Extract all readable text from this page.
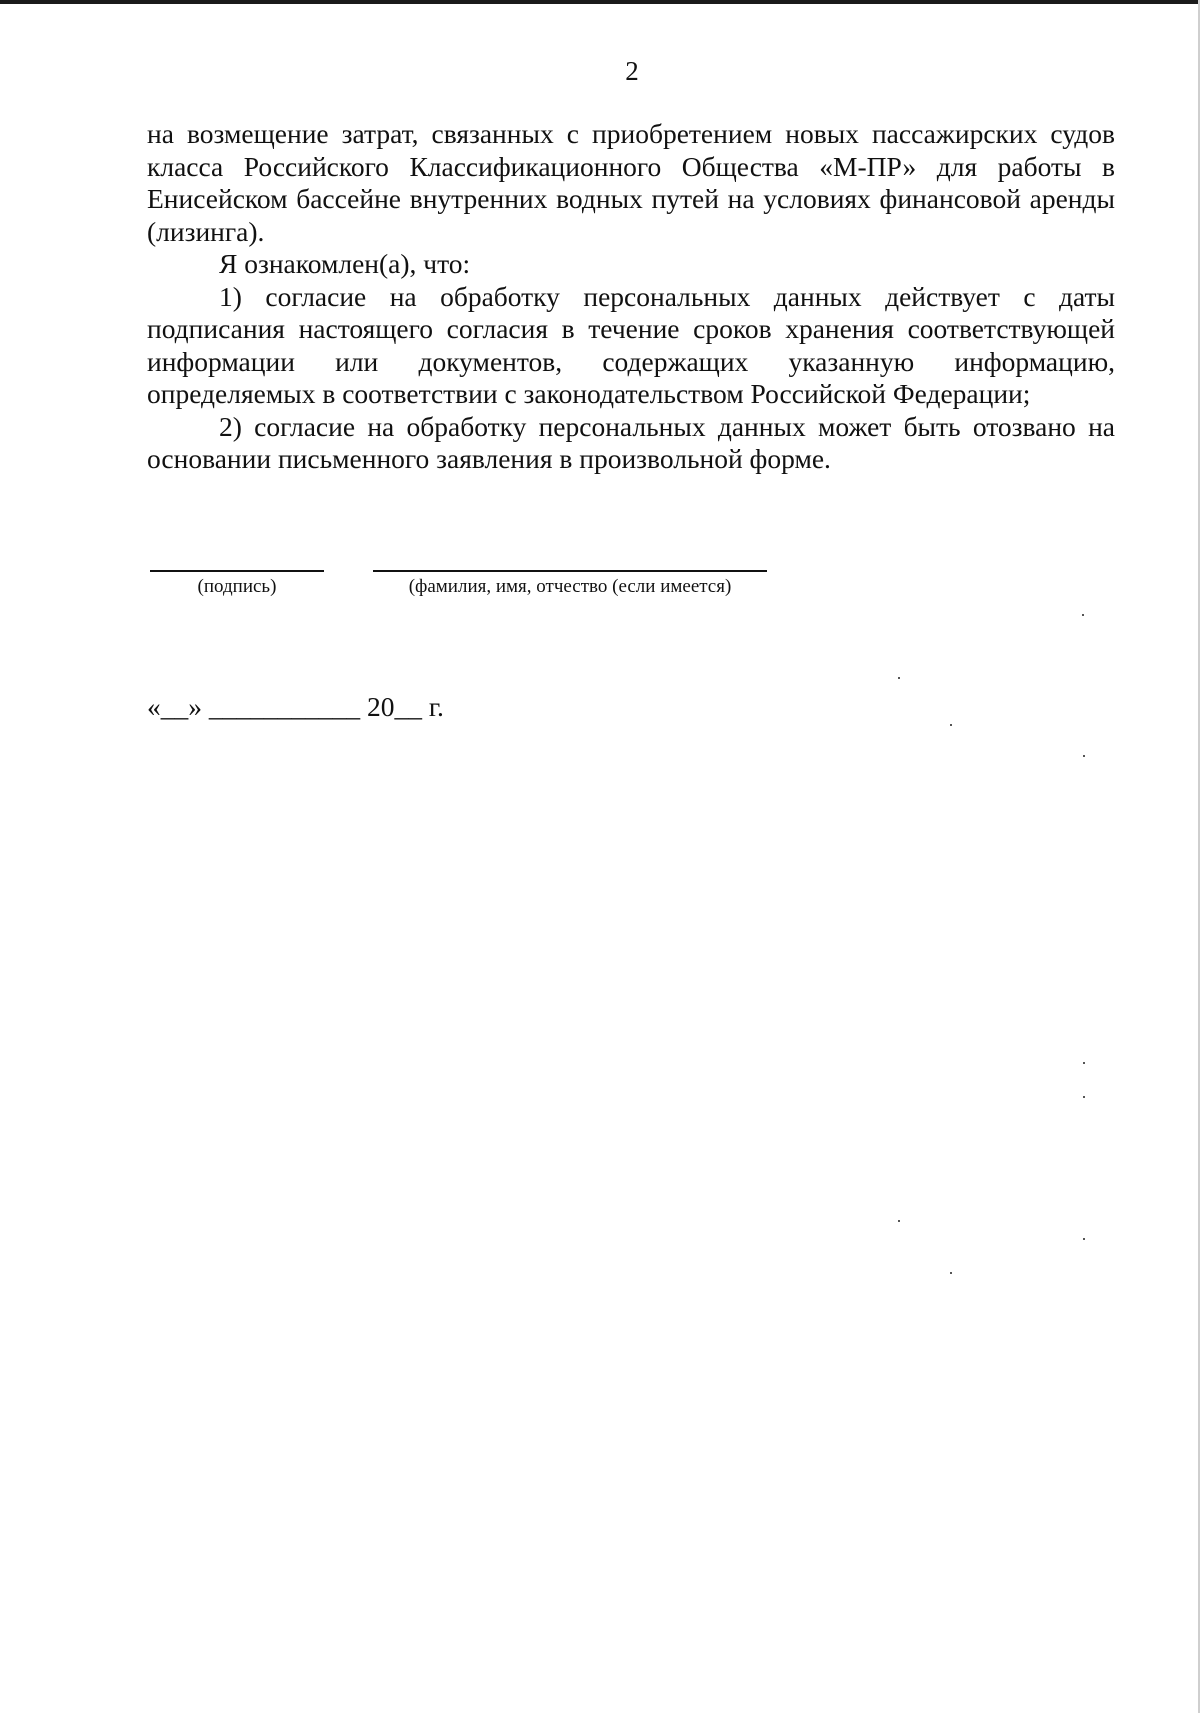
2

на возмещение затрат, связанных с приобретением новых пассажирских судов класса Российского Классификационного Общества «М-ПР» для работы в Енисейском бассейне внутренних водных путей на условиях финансовой аренды (лизинга).

Я ознакомлен(а), что:

1) согласие на обработку персональных данных действует с даты подписания настоящего согласия в течение сроков хранения соответствующей информации или документов, содержащих указанную информацию, определяемых в соответствии с законодательством Российской Федерации;

2) согласие на обработку персональных данных может быть отозвано на основании письменного заявления в произвольной форме.

(подпись)	(фамилия, имя, отчество (если имеется)
«__» ___________ 20__ г.
